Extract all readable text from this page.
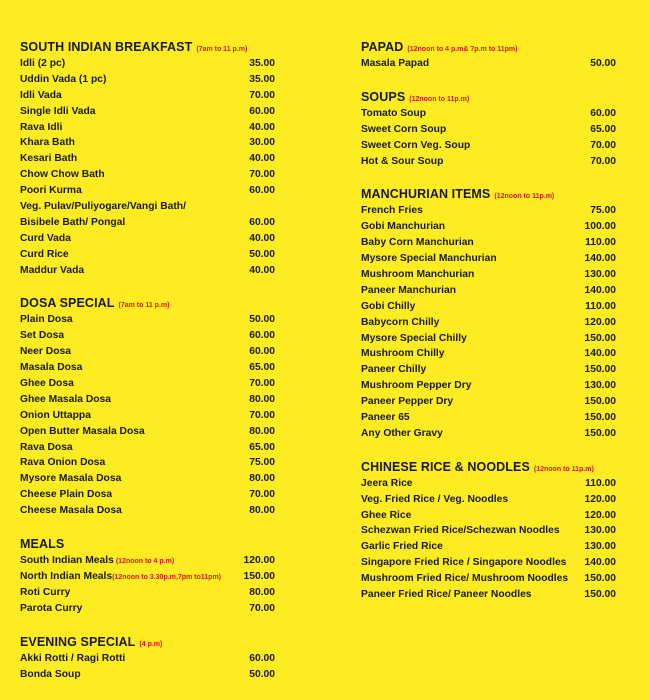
SOUTH INDIAN BREAKFAST (7am to 11 p.m)
Idli (2 pc)	35.00
Uddin Vada (1 pc)	35.00
Idli Vada	70.00
Single Idli Vada	60.00
Rava Idli	40.00
Khara Bath	30.00
Kesari Bath	40.00
Chow Chow Bath	70.00
Poori Kurma	60.00
Veg. Pulav/Puliyogare/Vangi Bath/
Bisibele Bath/ Pongal	60.00
Curd Vada	40.00
Curd Rice	50.00
Maddur Vada	40.00
DOSA SPECIAL (7am to 11 p.m)
Plain Dosa	50.00
Set Dosa	60.00
Neer Dosa	60.00
Masala Dosa	65.00
Ghee Dosa	70.00
Ghee Masala Dosa	80.00
Onion Uttappa	70.00
Open Butter Masala Dosa	80.00
Rava Dosa	65.00
Rava Onion Dosa	75.00
Mysore Masala Dosa	80.00
Cheese Plain Dosa	70.00
Cheese Masala Dosa	80.00
MEALS
South Indian Meals (12noon to 4 p.m)	120.00
North Indian Meals (12noon to 3.30p.m,7pm to11pm) 150.00
Roti Curry	80.00
Parota Curry	70.00
EVENING SPECIAL (4 p.m)
Akki Rotti / Ragi Rotti	60.00
Bonda Soup	50.00
PAPAD (12noon to 4 p.m& 7p.m to 11pm)
Masala Papad	50.00
SOUPS (12noon to 11p.m)
Tomato Soup	60.00
Sweet Corn Soup	65.00
Sweet Corn Veg. Soup	70.00
Hot & Sour Soup	70.00
MANCHURIAN ITEMS (12noon to 11p.m)
French Fries	75.00
Gobi Manchurian	100.00
Baby Corn Manchurian	110.00
Mysore Special Manchurian	140.00
Mushroom Manchurian	130.00
Paneer Manchurian	140.00
Gobi Chilly	110.00
Babycorn Chilly	120.00
Mysore Special Chilly	150.00
Mushroom Chilly	140.00
Paneer Chilly	150.00
Mushroom Pepper Dry	130.00
Paneer Pepper Dry	150.00
Paneer 65	150.00
Any Other Gravy	150.00
CHINESE RICE & NOODLES (12noon to 11p.m)
Jeera Rice	110.00
Veg. Fried Rice / Veg. Noodles	120.00
Ghee Rice	120.00
Schezwan Fried Rice/Schezwan Noodles 130.00
Garlic Fried Rice	130.00
Singapore Fried Rice / Singapore Noodles 140.00
Mushroom Fried Rice/ Mushroom Noodles 150.00
Paneer Fried Rice/ Paneer Noodles	150.00
